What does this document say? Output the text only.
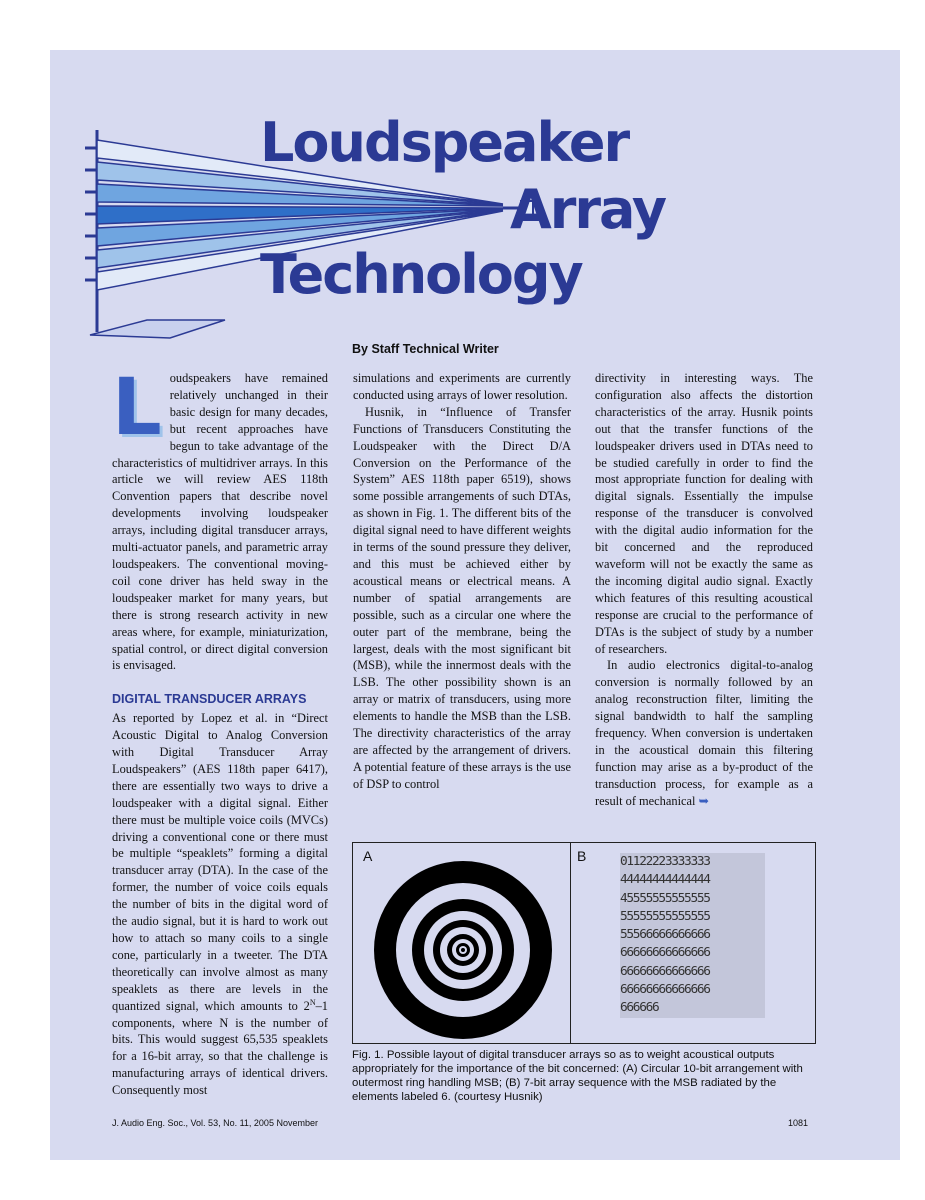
Loudspeaker
Array
Technology
By Staff Technical Writer

Loudspeakers have remained relatively unchanged in their basic design for many decades, but recent approaches have begun to take advantage of the characteristics of multidriver arrays. In this article we will review AES 118th Convention papers that describe novel developments involving loudspeaker arrays, including digital transducer arrays, multi-actuator panels, and parametric array loudspeakers. The conventional moving-coil cone driver has held sway in the loudspeaker market for many years, but there is strong research activity in new areas where, for example, miniaturization, spatial control, or direct digital conversion is envisaged.

DIGITAL TRANSDUCER ARRAYS

As reported by Lopez et al. in “Direct Acoustic Digital to Analog Conversion with Digital Transducer Array Loudspeakers” (AES 118th paper 6417), there are essentially two ways to drive a loudspeaker with a digital signal. Either there must be multiple voice coils (MVCs) driving a conventional cone or there must be multiple “speaklets” forming a digital transducer array (DTA). In the case of the former, the number of voice coils equals the number of bits in the digital word of the audio signal, but it is hard to work out how to attach so many coils to a single cone, particularly in a tweeter. The DTA theoretically can involve almost as many speaklets as there are levels in the quantized signal, which amounts to $2^N-1$ components, where N is the number of bits. This would suggest 65,535 speaklets for a 16-bit array, so that the challenge is manufacturing arrays of identical drivers. Consequently most

simulations and experiments are currently conducted using arrays of lower resolution.

Husnik, in “Influence of Transfer Functions of Transducers Constituting the Loudspeaker with the Direct D/A Conversion on the Performance of the System” AES 118th paper 6519), shows some possible arrangements of such DTAs, as shown in Fig. 1. The different bits of the digital signal need to have different weights in terms of the sound pressure they deliver, and this must be achieved either by acoustical means or electrical means. A number of spatial arrangements are possible, such as a circular one where the outer part of the membrane, being the largest, deals with the most significant bit (MSB), while the innermost deals with the LSB. The other possibility shown is an array or matrix of transducers, using more elements to handle the MSB than the LSB. The directivity characteristics of the array are affected by the arrangement of drivers. A potential feature of these arrays is the use of DSP to control

directivity in interesting ways. The configuration also affects the distortion characteristics of the array. Husnik points out that the transfer functions of the loudspeaker drivers used in DTAs need to be studied carefully in order to find the most appropriate function for dealing with digital signals. Essentially the impulse response of the transducer is convolved with the digital audio information for the bit concerned and the reproduced waveform will not be exactly the same as the incoming digital audio signal. Exactly which features of this resulting acoustical response are crucial to the performance of DTAs is the subject of study by a number of researchers.

In audio electronics digital-to-analog conversion is normally followed by an analog reconstruction filter, limiting the signal bandwidth to half the sampling frequency. When conversion is undertaken in the acoustical domain this filtering function may arise as a by-product of the transduction process, for example as a result of mechanical ➥

A	B	01122223333333
44444444444444
45555555555555
55555555555555
55566666666666
66666666666666
66666666666666
66666666666666
666666
Fig. 1. Possible layout of digital transducer arrays so as to weight acoustical outputs appropriately for the importance of the bit concerned: (A) Circular 10-bit arrangement with outermost ring handling MSB; (B) 7-bit array sequence with the MSB radiated by the elements labeled 6. (courtesy Husnik)
J. Audio Eng. Soc., Vol. 53, No. 11, 2005 November	1081
